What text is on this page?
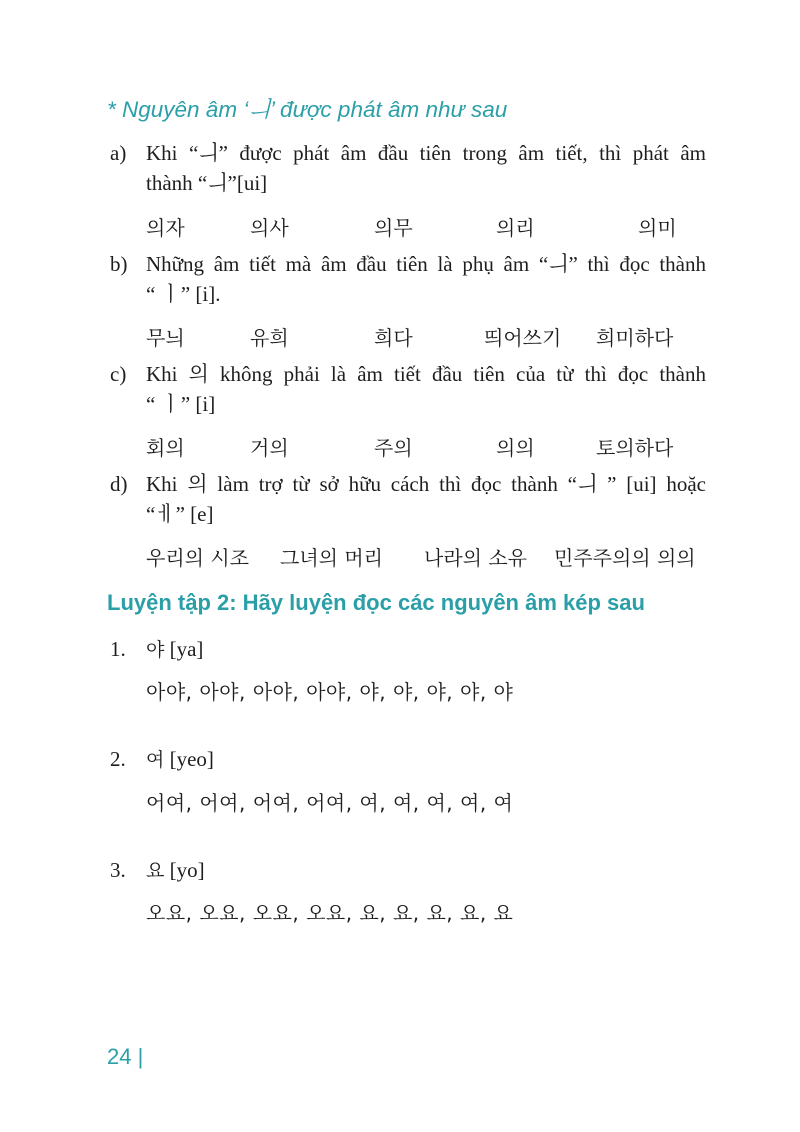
* Nguyên âm ‘ㅢ’ được phát âm như sau
a) Khi “ㅢ” được phát âm đầu tiên trong âm tiết, thì phát âm
thành “ㅢ”[ui]
의자	의사	의무	의리	의미
b) Những âm tiết mà âm đầu tiên là phụ âm “ㅢ” thì đọc thành
“ ㅣ” [i].
무늬	유희	희다	띄어쓰기 희미하다
c) Khi 의 không phải là âm tiết đầu tiên của từ thì đọc thành
“ ㅣ” [i]
회의	거의	주의	의의	토의하다
d) Khi 의 làm trợ từ sở hữu cách thì đọc thành “ㅢ ” [ui] hoặc
“ㅔ” [e]
우리의 시조 그녀의 머리 나라의 소유 민주주의의 의의
Luyện tập 2: Hãy luyện đọc các nguyên âm kép sau
1. 야 [ya]
아야, 아야, 아야, 아야, 야, 야, 야, 야, 야
2. 여 [yeo]
어여, 어여, 어여, 어여, 여, 여, 여, 여, 여
3. 요 [yo]
오요, 오요, 오요, 오요, 요, 요, 요, 요, 요
24 |
